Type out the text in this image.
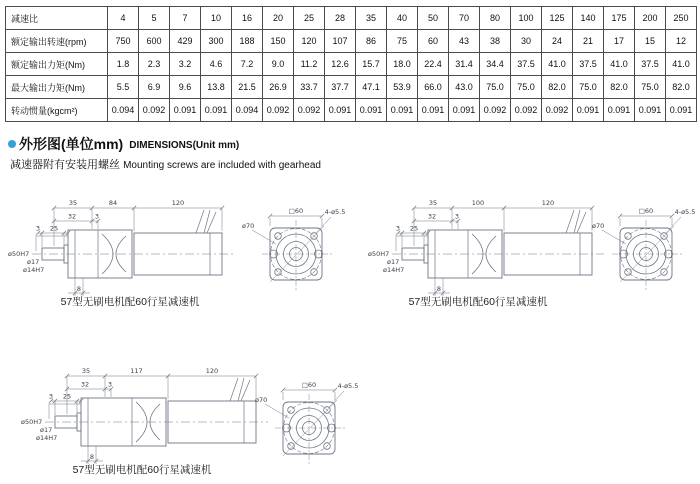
减速比	4	5	7	10	16	20	25	28	35	40	50	70	80	100	125	140	175	200	250
额定输出转速(rpm)	750	600	429	300	188	150	120	107	86	75	60	43	38	30	24	21	17	15	12
额定输出力矩(Nm)	1.8	2.3	3.2	4.6	7.2	9.0	11.2	12.6	15.7	18.0	22.4	31.4	34.4	37.5	41.0	37.5	41.0	37.5	41.0
最大输出力矩(Nm)	5.5	6.9	9.6	13.8	21.5	26.9	33.7	37.7	47.1	53.9	66.0	43.0	75.0	75.0	82.0	75.0	82.0	75.0	82.0
转动惯量(kgcm²)	0.094	0.092	0.091	0.091	0.094	0.092	0.092	0.091	0.091	0.091	0.091	0.091	0.092	0.092	0.092	0.091	0.091	0.091	0.091
外形图(单位mm) DIMENSIONS(Unit mm)
减速器附有安装用螺丝 Mounting screws are included with gearhead
35	84	120
32	3
3 25
ø50H7
ø17
ø14H7
8
□60
ø70
4-ø5.5
57型无刷电机配60行星减速机
35	100	120
32	3
3 25
ø50H7
ø17
ø14H7
8
□60
ø70
4-ø5.5
57型无刷电机配60行星减速机
35	117	120
32	3
3 25
ø50H7
ø17
ø14H7
8
□60
ø70
4-ø5.5
57型无刷电机配60行星减速机
